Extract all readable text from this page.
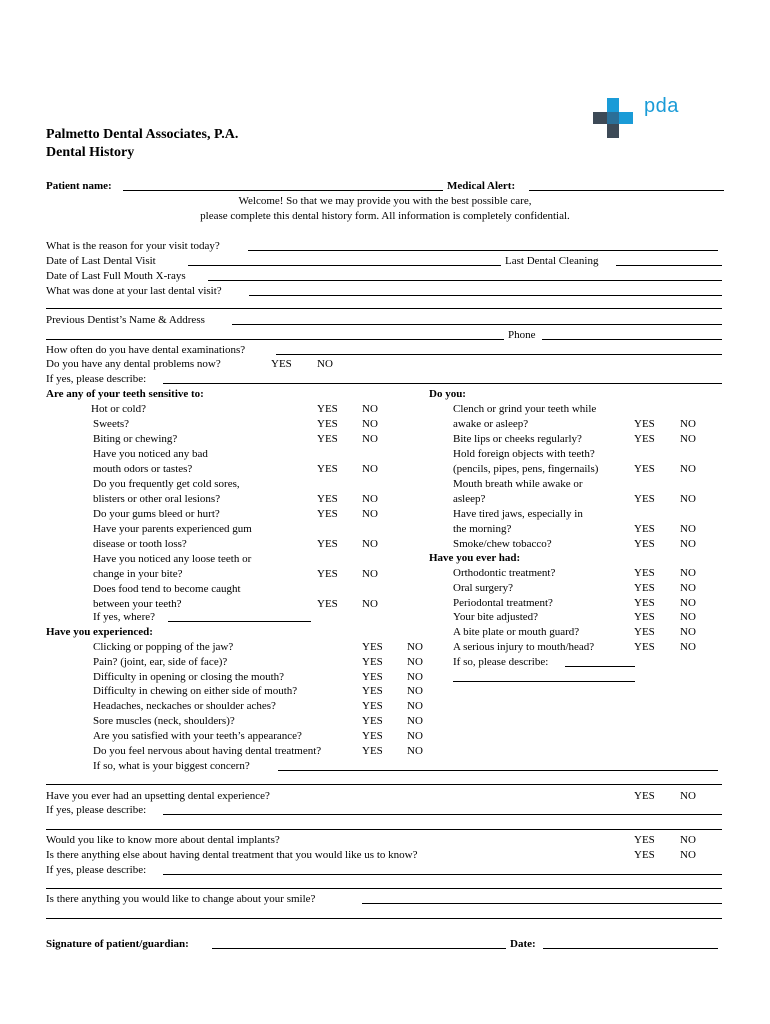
pda
Palmetto Dental Associates, P.A.
Dental History
Patient name:	Medical Alert:
Welcome! So that we may provide you with the best possible care,
please complete this dental history form. All information is completely confidential.
What is the reason for your visit today?
Date of Last Dental Visit	Last Dental Cleaning
Date of Last Full Mouth X-rays
What was done at your last dental visit?
Previous Dentist’s Name & Address
Phone
How often do you have dental examinations?
Do you have any dental problems now?	YES NO
If yes, please describe:
Are any of your teeth sensitive to:
Hot or cold?	YES NO
Sweets?	YES NO
Biting or chewing?	YES NO
Have you noticed any bad
mouth odors or tastes?	YES NO
Do you frequently get cold sores,
blisters or other oral lesions?	YES NO
Do your gums bleed or hurt?	YES NO
Have your parents experienced gum
disease or tooth loss?	YES NO
Have you noticed any loose teeth or
change in your bite?	YES NO
Does food tend to become caught
between your teeth?	YES NO
If yes, where?
Have you experienced:
Clicking or popping of the jaw?	YES NO
Pain? (joint, ear, side of face)?	YES NO
Difficulty in opening or closing the mouth?	YES NO
Difficulty in chewing on either side of mouth?	YES NO
Headaches, neckaches or shoulder aches?	YES NO
Sore muscles (neck, shoulders)?	YES NO
Are you satisfied with your teeth’s appearance?	YES NO
Do you feel nervous about having dental treatment?	YES NO
If so, what is your biggest concern?
Do you:
Clench or grind your teeth while
awake or asleep?	YES NO
Bite lips or cheeks regularly?	YES NO
Hold foreign objects with teeth?
(pencils, pipes, pens, fingernails)	YES NO
Mouth breath while awake or
asleep?	YES NO
Have tired jaws, especially in
the morning?	YES NO
Smoke/chew tobacco?	YES NO
Have you ever had:
Orthodontic treatment?	YES NO
Oral surgery?	YES NO
Periodontal treatment?	YES NO
Your bite adjusted?	YES NO
A bite plate or mouth guard?	YES NO
A serious injury to mouth/head?	YES NO
If so, please describe:
Have you ever had an upsetting dental experience?	YES NO
If yes, please describe:
Would you like to know more about dental implants?	YES NO
Is there anything else about having dental treatment that you would like us to know?	YES NO
If yes, please describe:
Is there anything you would like to change about your smile?
Signature of patient/guardian:	Date:
